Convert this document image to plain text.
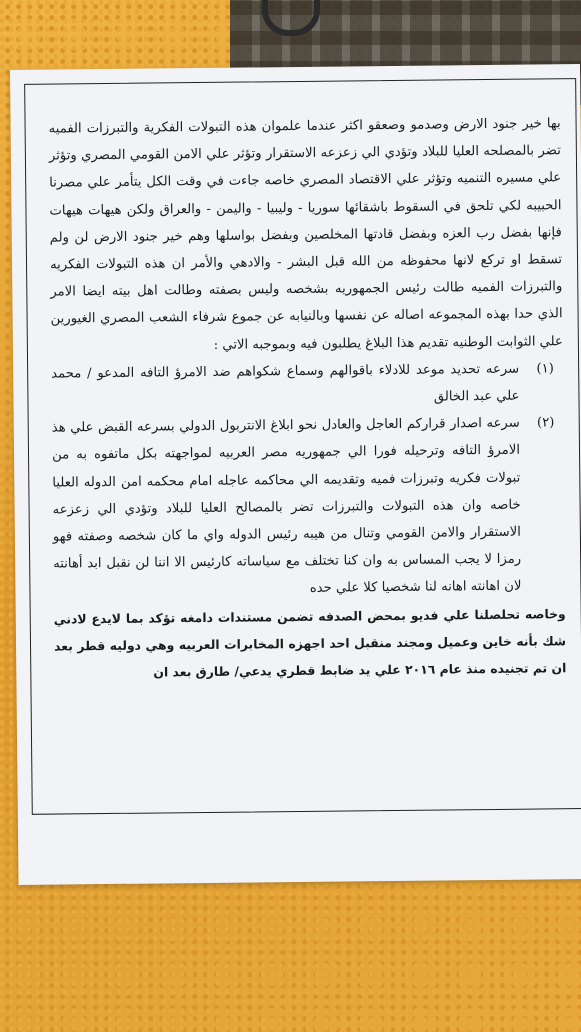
بها خير جنود الارض وصدمو وصعقو اكثر عندما علموان هذه التبولات الفكرية والتبرزات الفميه تضر بالمصلحه العليا للبلاد وتؤدي الي زعزعه الاستقرار وتؤثر علي الامن القومي المصري وتؤثر علي مسيره التنميه وتؤثر علي الاقتصاد المصري خاصه جاءت في وقت الكل يتأمر علي مصرنا الحبيبه لكي تلحق في السقوط باشقائها سوريا - وليبيا - واليمن - والعراق ولكن هيهات هيهات فإنها بفضل رب العزه وبفضل قادتها المخلصين وبفضل بواسلها وهم خير جنود الارض لن ولم تسقط او تركع لانها محفوظه من الله قبل البشر - والادهي والأمر ان هذه التبولات الفكريه والتبرزات الفميه طالت رئيس الجمهوريه بشخصه وليس بصفته وطالت اهل بيته ايضا الامر الذي حدا بهذه المجموعه اصاله عن نفسها وبالنيابه عن جموع شرفاء الشعب المصري الغيورين علي الثوابت الوطنيه تقديم هذا البلاغ يطلبون فيه وبموجبه الاتي :

(١)
سرعه تحديد موعد للادلاء باقوالهم وسماع شكواهم ضد الامرؤ التافه المدعو / محمد علي عبد الخالق

(٢)
سرعه اصدار قراركم العاجل والعادل نحو ابلاغ الانتربول الدولي بسرعه القبض علي هذ الامرؤ التافه وترحيله فورا الي جمهوريه مصر العربيه لمواجهته بكل ماتفوه به من تبولات فكريه وتبرزات فميه وتقديمه الي محاكمه عاجله امام محكمه امن الدوله العليا خاصه وان هذه التبولات والتبرزات تضر بالمصالح العليا للبلاد وتؤدي الي زعزعه الاستقرار والامن القومي وتنال من هيبه رئيس الدوله واي ما كان شخصه وصفته فهو رمزا لا يجب المساس به وان كنا تختلف مع سياساته كارئيس الا اننا لن نقبل ابد أهانته لان اهانته اهانه لنا شخصيا كلا علي حده

وخاصه تحلصلنا علي فديو بمحض الصدفه تضمن مستندات دامغه تؤكد بما لايدع لادني شك بأنه خاين وعميل ومجند منقبل احد اجهزه المخابرات العربيه وهي دوليه قطر بعد ان تم تجنيده منذ عام ٢٠١٦ علي يد ضابط قطري يدعي/ طارق بعد ان
